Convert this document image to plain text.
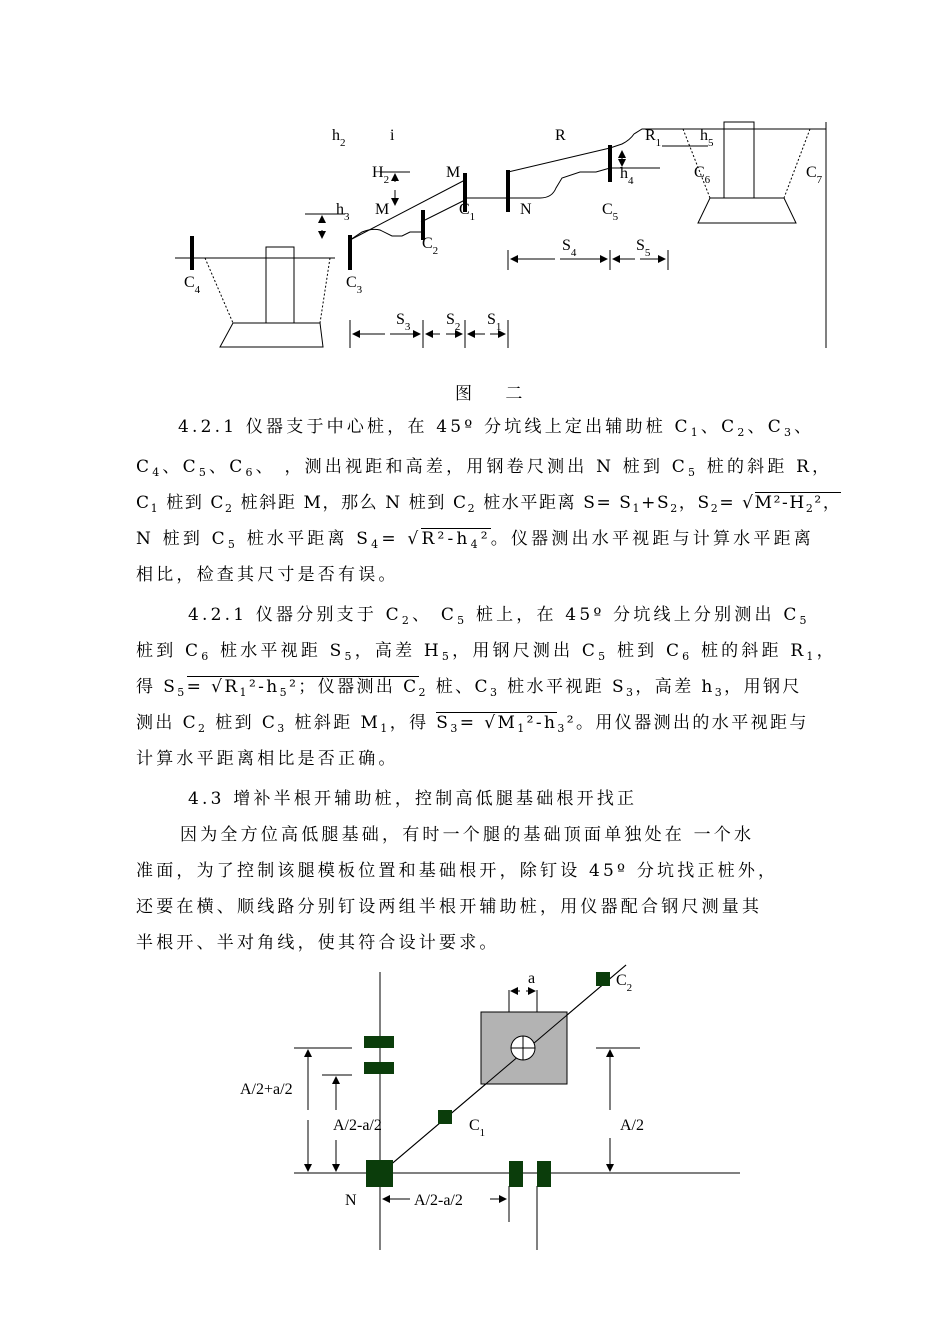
$h_2$	i	R	$R_1$ $h_5$
$H_2$	M	$h_4$	$C_6$	$C_7$
$h_3$ M	$C_1$	N	$C_5$
$C_2$	$S_4$	$S_5$
$C_4$	$C_3$
$S_3$ $S_2$ $S_1$
图 二
4.2.1 仪器支于中心桩，在 45º 分坑线上定出辅助桩 $C_1$、$C_2$、$C_3$、
$C_4$、$C_5$、$C_6$、 ，测出视距和高差，用钢卷尺测出 N 桩到 $C_5$ 桩的斜距 R，
$C_1$ 桩到 $C_2$ 桩斜距 M，那么 N 桩到 $C_2$ 桩水平距离 $S= S_1+S_2$，$S_2= √M^2-H_2^2$，
N 桩到 $C_5$ 桩水平距离 $S_4= √R^2-h_4^2$。仪器测出水平视距与计算水平距离
相比，检查其尺寸是否有误。
4.2.1 仪器分别支于 $C_2$、 $C_5$ 桩上，在 45º 分坑线上分别测出 $C_5$
桩到 $C_6$ 桩水平视距 $S_5$，高差 $H_5$，用钢尺测出 $C_5$ 桩到 $C_6$ 桩的斜距 $R_1$，
得 $S_5= √R_1^2-h_5^2$；仪器测出 $C_2$ 桩、$C_3$ 桩水平视距 $S_3$，高差 $h_3$，用钢尺
测出 $C_2$ 桩到 $C_3$ 桩斜距 $M_1$，得 $S_3= √M_1^2-h_3^2$。用仪器测出的水平视距与
计算水平距离相比是否正确。
4.3 增补半根开辅助桩，控制高低腿基础根开找正
因为全方位高低腿基础，有时一个腿的基础顶面单独处在 一个水
准面，为了控制该腿模板位置和基础根开，除钉设 45º 分坑找正桩外，
还要在横、顺线路分别钉设两组半根开辅助桩，用仪器配合钢尺测量其
半根开、半对角线，使其符合设计要求。
a	$C_2$
A/2+a/2
A/2-a/2	$C_1$	A/2
N	A/2-a/2
